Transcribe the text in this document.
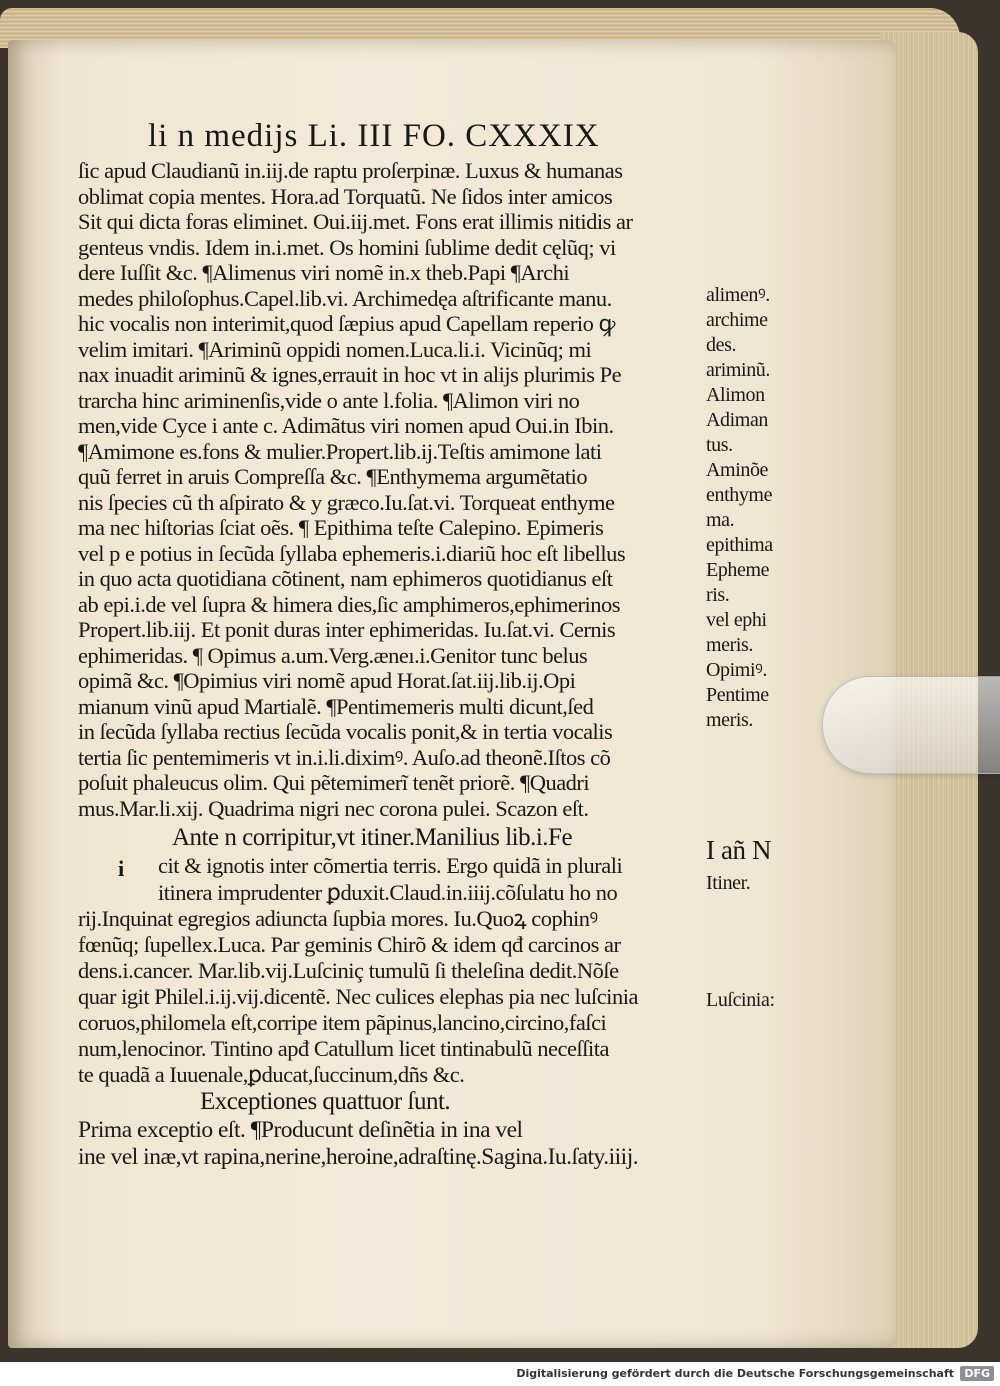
li n medijs Li. III FO. CXXXIX
ſic apud Claudianũ in.iij.de raptu proſerpinæ. Luxus & humanas
oblimat copia mentes. Hora.ad Torquatũ. Ne ſidos inter amicos
Sit qui dicta foras eliminet. Oui.iij.met. Fons erat illimis nitidis ar
genteus vndis. Idem in.i.met. Os homini ſublime dedit cęlũq; vi
dere Iuſſit &c. ¶Alimenus viri nomẽ in.x theb.Papi ¶Archi
medes philoſophus.Capel.lib.vi. Archimedęa aſtrificante manu.
hic vocalis non interimit,quod ſæpius apud Capellam reperio ꝙ
velim imitari. ¶Ariminũ oppidi nomen.Luca.li.i. Vicinũq; mi
nax inuadit ariminũ & ignes,errauit in hoc vt in alijs plurimis Pe
trarcha hinc ariminenſis,vide o ante l.folia. ¶Alimon viri no
men,vide Cyce i ante c. Adimãtus viri nomen apud Oui.in Ibin.
¶Amimone es.fons & mulier.Propert.lib.ij.Teſtis amimone lati
quũ ferret in aruis Compreſſa &c. ¶Enthymema argumẽtatio
nis ſpecies cũ th aſpirato & y græco.Iu.ſat.vi. Torqueat enthyme
ma nec hiſtorias ſciat oẽs. ¶ Epithima teſte Calepino. Epimeris
vel p e potius in ſecũda ſyllaba ephemeris.i.diariũ hoc eſt libellus
in quo acta quotidiana cõtinent, nam ephimeros quotidianus eſt
ab epi.i.de vel ſupra & himera dies,ſic amphimeros,ephimerinos
Propert.lib.iij. Et ponit duras inter ephimeridas. Iu.ſat.vi. Cernis
ephimeridas. ¶ Opimus a.um.Verg.æneı.i.Genitor tunc belus
opimã &c. ¶Opimius viri nomẽ apud Horat.ſat.iij.lib.ij.Opi
mianum vinũ apud Martialẽ. ¶Pentimemeris multi dicunt,ſed
in ſecũda ſyllaba rectius ſecũda vocalis ponit,& in tertia vocalis
tertia ſic pentemimeris vt in.i.li.diximꝰ. Auſo.ad theonẽ.Iſtos cõ
poſuit phaleucus olim. Qui pẽtemimerĩ tenẽt priorẽ. ¶Quadri
mus.Mar.li.xij. Quadrima nigri nec corona pulei. Scazon eſt.
alimenꝰ.
archime
des.
ariminũ.
Alimon
Adiman
tus.
Aminõe
enthyme
ma.
epithima
Epheme
ris.
vel ephi
meris.
Opimiꝰ.
Pentime
meris.
Ante n corripitur,vt itiner.Manilius lib.i.Fe
i cit & ignotis inter cõmertia terris. Ergo quidã in plurali
itinera imprudenter ꝑduxit.Claud.in.iiij.cõſulatu ho no
rij.Inquinat egregios adiuncta ſupbia mores. Iu.Quoꝝ cophinꝰ
fœnũq; ſupellex.Luca. Par geminis Chirõ & idem qđ carcinos ar
dens.i.cancer. Mar.lib.vij.Luſciniç tumulũ ſi theleſina dedit.Nõſe
quar igit Philel.i.ij.vij.dicentẽ. Nec culices elephas pia nec luſcinia
coruos,philomela eſt,corripe item pãpinus,lancino,circino,faſci
num,lenocinor. Tintino apđ Catullum licet tintinabulũ neceſſita
te quadã a Iuuenale,ꝑducat,ſuccinum,dñs &c.
Exceptiones quattuor ſunt.
Prima exceptio eſt. ¶Producunt deſinẽtia in ina vel
ine vel inæ,vt rapina,nerine,heroine,adraſtinę.Sagina.Iu.ſaty.iiij.
I añ N
Itiner.
Luſcinia:
Digitalisierung gefördert durch die Deutsche Forschungsgemeinschaft DFG
